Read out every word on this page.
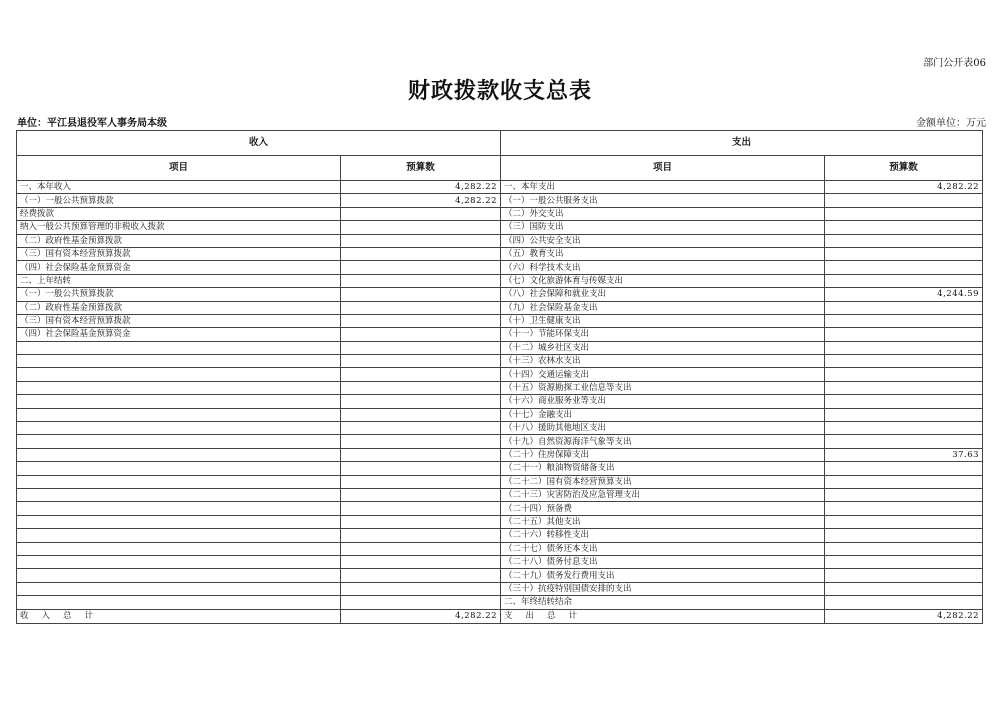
部门公开表06
财政拨款收支总表
单位：平江县退役军人事务局本级	金额单位：万元
收入		支出	
项目	预算数	项目	预算数
一、本年收入	4,282.22	一、本年支出	4,282.22
（一）一般公共预算拨款	4,282.22	（一）一般公共服务支出	
经费拨款		（二）外交支出	
纳入一般公共预算管理的非税收入拨款		（三）国防支出	
（二）政府性基金预算拨款		（四）公共安全支出	
（三）国有资本经营预算拨款		（五）教育支出	
（四）社会保险基金预算资金		（六）科学技术支出	
二、上年结转		（七）文化旅游体育与传媒支出	
（一）一般公共预算拨款		（八）社会保障和就业支出	4,244.59
（二）政府性基金预算拨款		（九）社会保险基金支出	
（三）国有资本经营预算拨款		（十）卫生健康支出	
（四）社会保险基金预算资金		（十一）节能环保支出	
		（十二）城乡社区支出	
		（十三）农林水支出	
		（十四）交通运输支出	
		（十五）资源勘探工业信息等支出	
		（十六）商业服务业等支出	
		（十七）金融支出	
		（十八）援助其他地区支出	
		（十九）自然资源海洋气象等支出	
		（二十）住房保障支出	37.63
		（二十一）粮油物资储备支出	
		（二十二）国有资本经营预算支出	
		（二十三）灾害防治及应急管理支出	
		（二十四）预备费	
		（二十五）其他支出	
		（二十六）转移性支出	
		（二十七）债务还本支出	
		（二十八）债务付息支出	
		（二十九）债务发行费用支出	
		（三十）抗疫特别国债安排的支出	
		二、年终结转结余	
收入总计	4,282.22	支出总计	4,282.22
